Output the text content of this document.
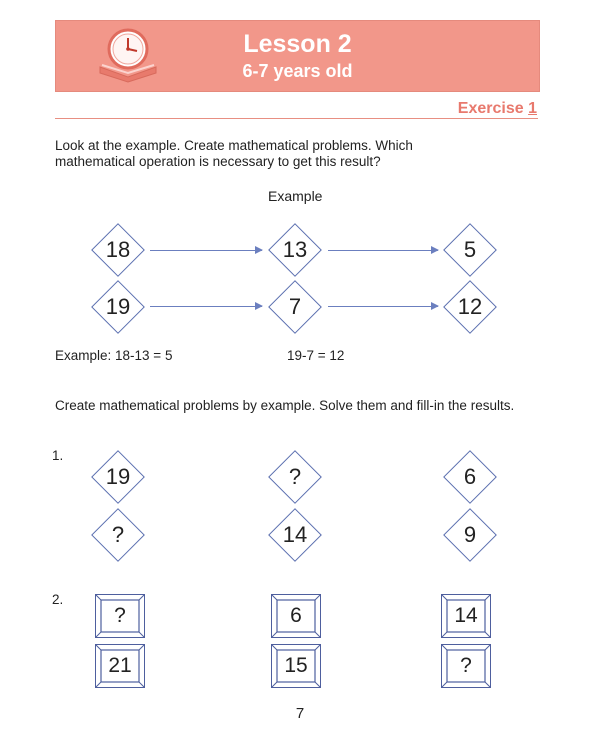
Lesson 2
6-7 years old
Exercise 1
Look at the example. Create mathematical problems. Which mathematical operation is necessary to get this result?
Example
18	13	5
19	7	12
Example: 18-13 = 5	19-7 = 12
Create mathematical problems by example. Solve them and fill-in the results.
1.
19	?	6
?	14	9
2.
?	6	14
21	15	?
7
